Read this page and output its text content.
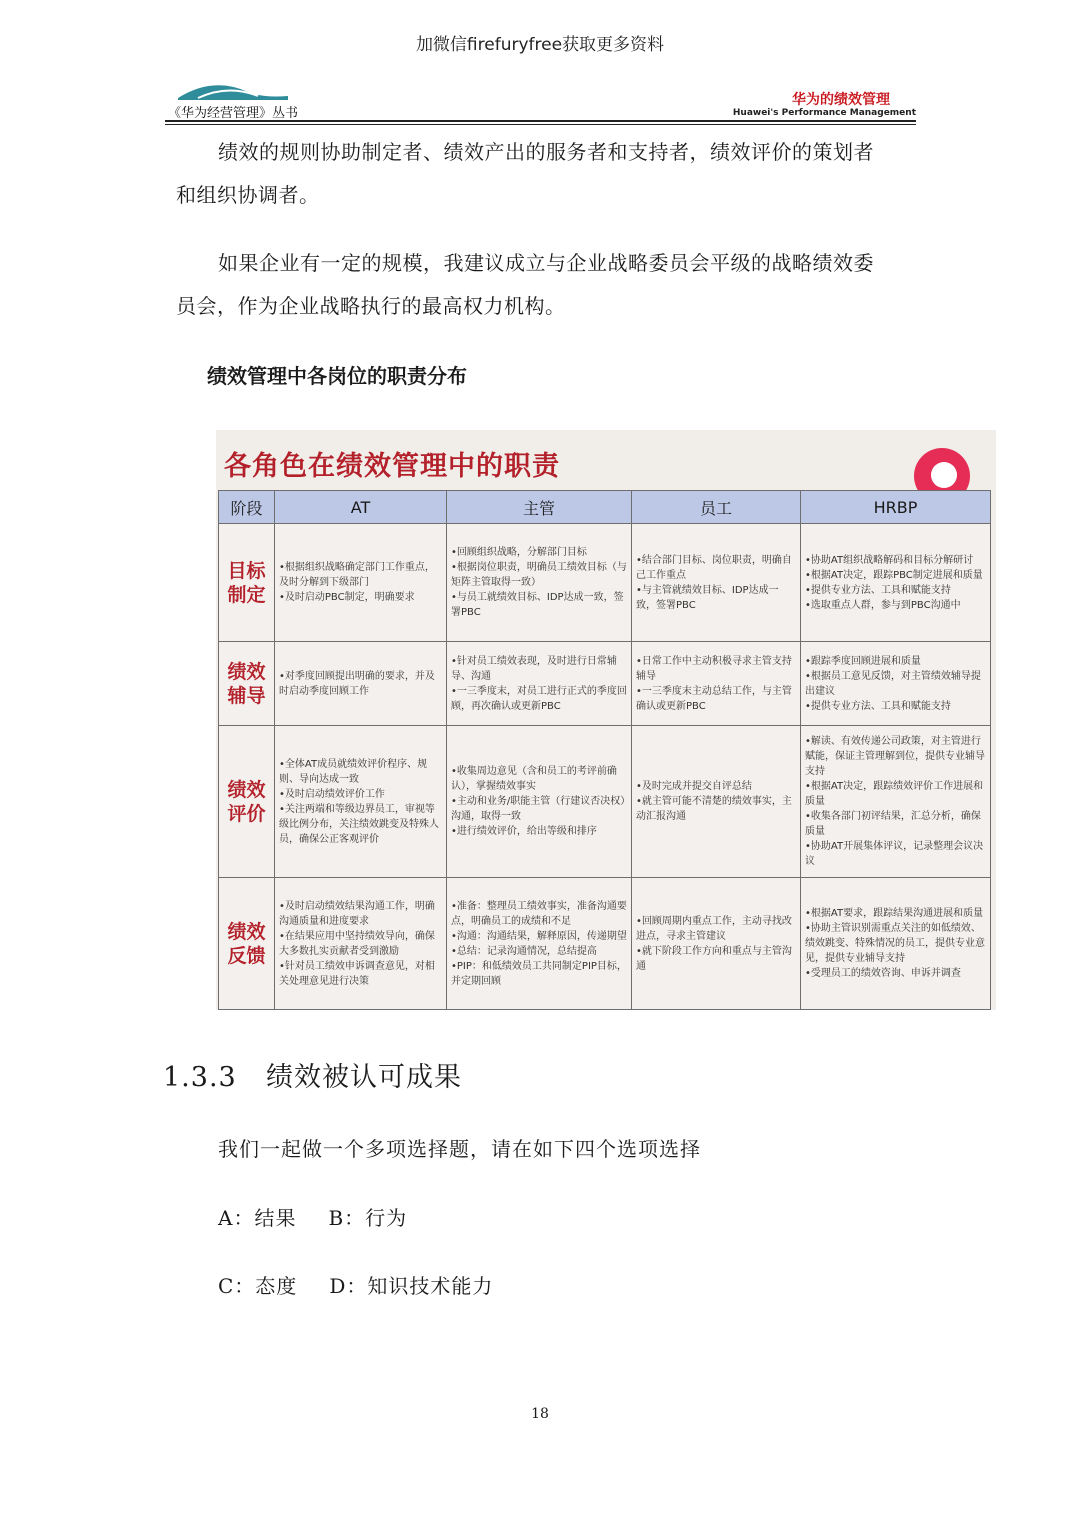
加微信firefuryfree获取更多资料
《华为经营管理》丛书
华为的绩效管理
Huawei's Performance Management
绩效的规则协助制定者、绩效产出的服务者和支持者，绩效评价的策划者
和组织协调者。
如果企业有一定的规模，我建议成立与企业战略委员会平级的战略绩效委
员会，作为企业战略执行的最高权力机构。
绩效管理中各岗位的职责分布
各角色在绩效管理中的职责
阶段	AT	主管	员工	HRBP
目标
制定	•根据组织战略确定部门工作重点，及时分解到下级部门
•及时启动PBC制定，明确要求	•回顾组织战略，分解部门目标
•根据岗位职责，明确员工绩效目标（与矩阵主管取得一致）
•与员工就绩效目标、IDP达成一致，签署PBC	•结合部门目标、岗位职责，明确自己工作重点
•与主管就绩效目标、IDP达成一致，签署PBC	•协助AT组织战略解码和目标分解研讨
•根据AT决定，跟踪PBC制定进展和质量
•提供专业方法、工具和赋能支持
•选取重点人群，参与到PBC沟通中
绩效
辅导	•对季度回顾提出明确的要求，并及时启动季度回顾工作	•针对员工绩效表现，及时进行日常辅导、沟通
•一三季度末，对员工进行正式的季度回顾，再次确认或更新PBC	•日常工作中主动积极寻求主管支持辅导
•一三季度末主动总结工作，与主管确认或更新PBC	•跟踪季度回顾进展和质量
•根据员工意见反馈，对主管绩效辅导提出建议
•提供专业方法、工具和赋能支持
绩效
评价	•全体AT成员就绩效评价程序、规则、导向达成一致
•及时启动绩效评价工作
•关注两端和等级边界员工，审视等级比例分布，关注绩效跳变及特殊人员，确保公正客观评价	•收集周边意见（含和员工的考评前确认），掌握绩效事实
•主动和业务/职能主管（行建议否决权）沟通，取得一致
•进行绩效评价，给出等级和排序	•及时完成并提交自评总结
•就主管可能不清楚的绩效事实，主动汇报沟通	•解读、有效传递公司政策，对主管进行赋能，保证主管理解到位，提供专业辅导支持
•根据AT决定，跟踪绩效评价工作进展和质量
•收集各部门初评结果，汇总分析，确保质量
•协助AT开展集体评议，记录整理会议决议
绩效
反馈	•及时启动绩效结果沟通工作，明确沟通质量和进度要求
•在结果应用中坚持绩效导向，确保大多数扎实贡献者受到激励
•针对员工绩效申诉调查意见，对相关处理意见进行决策	•准备：整理员工绩效事实，准备沟通要点，明确员工的成绩和不足
•沟通：沟通结果，解释原因，传递期望
•总结：记录沟通情况，总结提高
•PIP：和低绩效员工共同制定PIP目标，并定期回顾	•回顾周期内重点工作，主动寻找改进点，寻求主管建议
•就下阶段工作方向和重点与主管沟通	•根据AT要求，跟踪结果沟通进展和质量
•协助主管识别需重点关注的如低绩效、绩效跳变、特殊情况的员工，提供专业意见，提供专业辅导支持
•受理员工的绩效咨询、申诉并调查
1.3.3 绩效被认可成果
我们一起做一个多项选择题，请在如下四个选项选择
A：结果 B：行为
C：态度 D：知识技术能力
18
